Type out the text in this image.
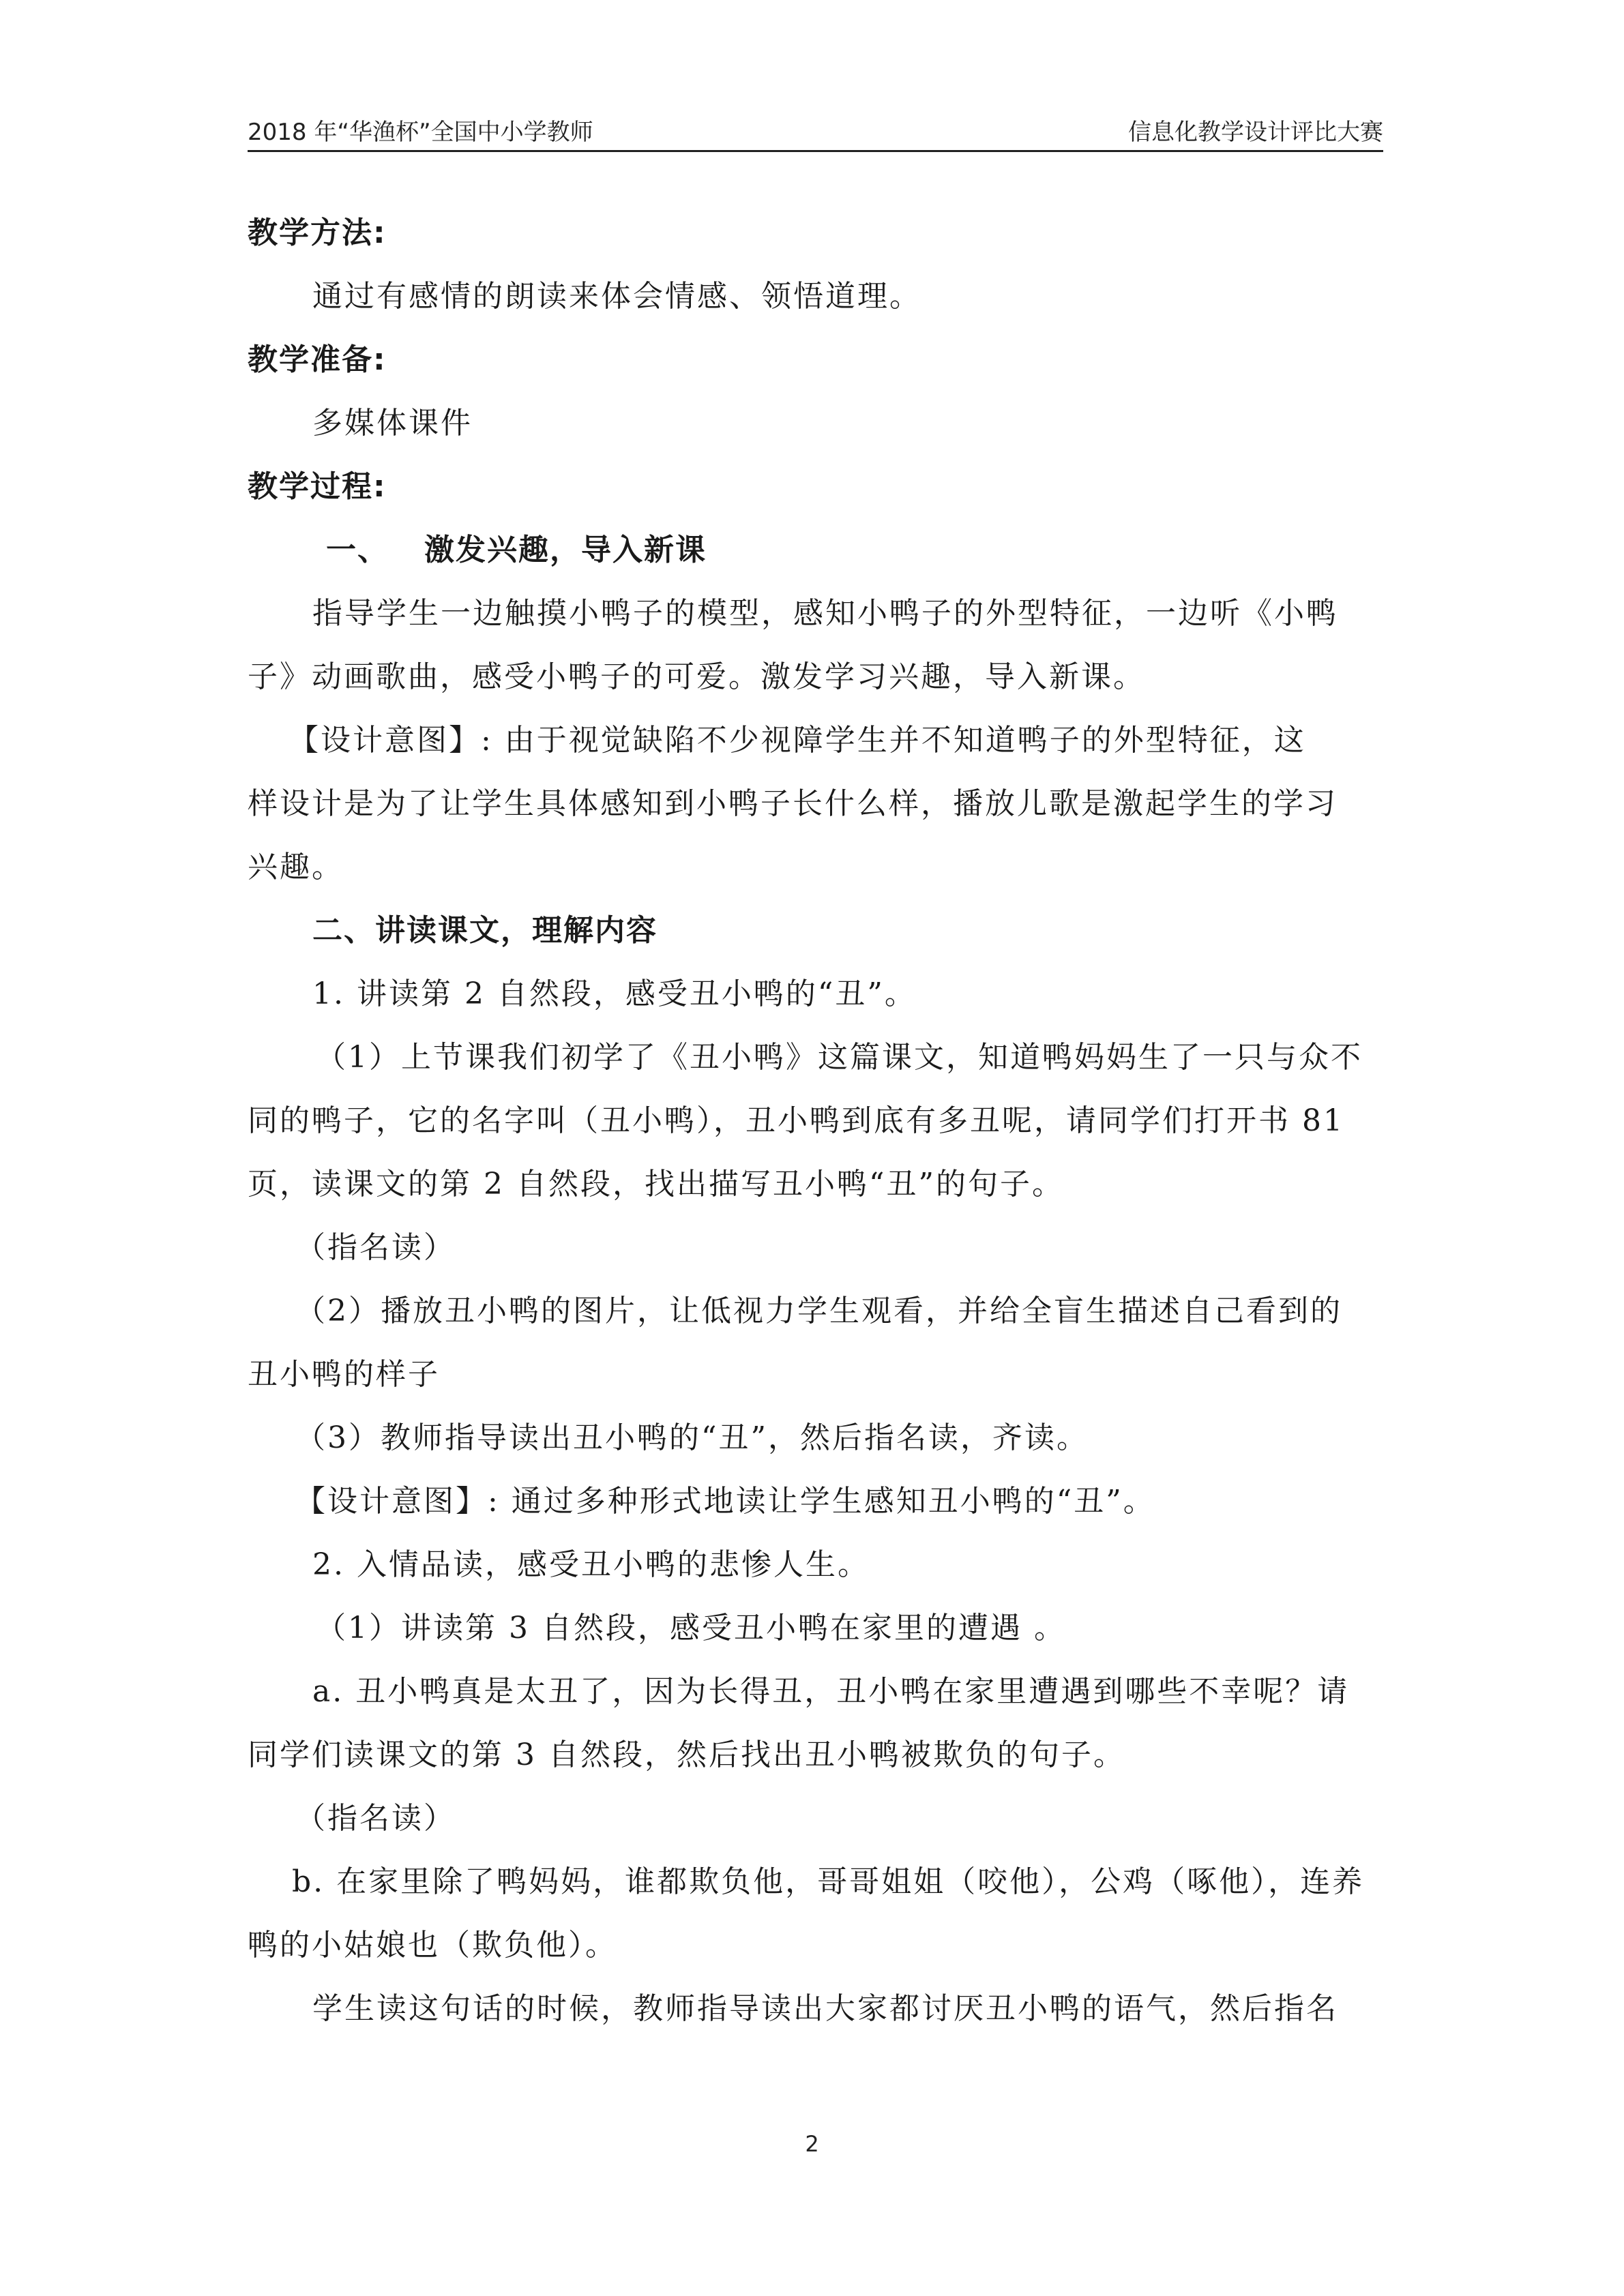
2018 年“华渔杯”全国中小学教师	信息化教学设计评比大赛
教学方法:
通过有感情的朗读来体会情感、领悟道理。
教学准备:
多媒体课件
教学过程:
一、   激发兴趣，导入新课
指导学生一边触摸小鸭子的模型，感知小鸭子的外型特征，一边听《小鸭
子》动画歌曲，感受小鸭子的可爱。激发学习兴趣，导入新课。
【设计意图】: 由于视觉缺陷不少视障学生并不知道鸭子的外型特征，这
样设计是为了让学生具体感知到小鸭子长什么样，播放儿歌是激起学生的学习
兴趣。
二、讲读课文，理解内容
1. 讲读第 2 自然段，感受丑小鸭的“丑”。
（1）上节课我们初学了《丑小鸭》这篇课文，知道鸭妈妈生了一只与众不
同的鸭子，它的名字叫（丑小鸭），丑小鸭到底有多丑呢，请同学们打开书 81
页，读课文的第 2 自然段，找出描写丑小鸭“丑”的句子。
（指名读）
（2）播放丑小鸭的图片，让低视力学生观看，并给全盲生描述自己看到的
丑小鸭的样子
（3）教师指导读出丑小鸭的“丑”，然后指名读，齐读。
【设计意图】: 通过多种形式地读让学生感知丑小鸭的“丑”。
2. 入情品读，感受丑小鸭的悲惨人生。
（1）讲读第 3 自然段，感受丑小鸭在家里的遭遇 。
a. 丑小鸭真是太丑了，因为长得丑，丑小鸭在家里遭遇到哪些不幸呢？请
同学们读课文的第 3 自然段，然后找出丑小鸭被欺负的句子。
（指名读）
b. 在家里除了鸭妈妈，谁都欺负他，哥哥姐姐（咬他），公鸡（啄他），连养
鸭的小姑娘也（欺负他）。
学生读这句话的时候，教师指导读出大家都讨厌丑小鸭的语气，然后指名
2
